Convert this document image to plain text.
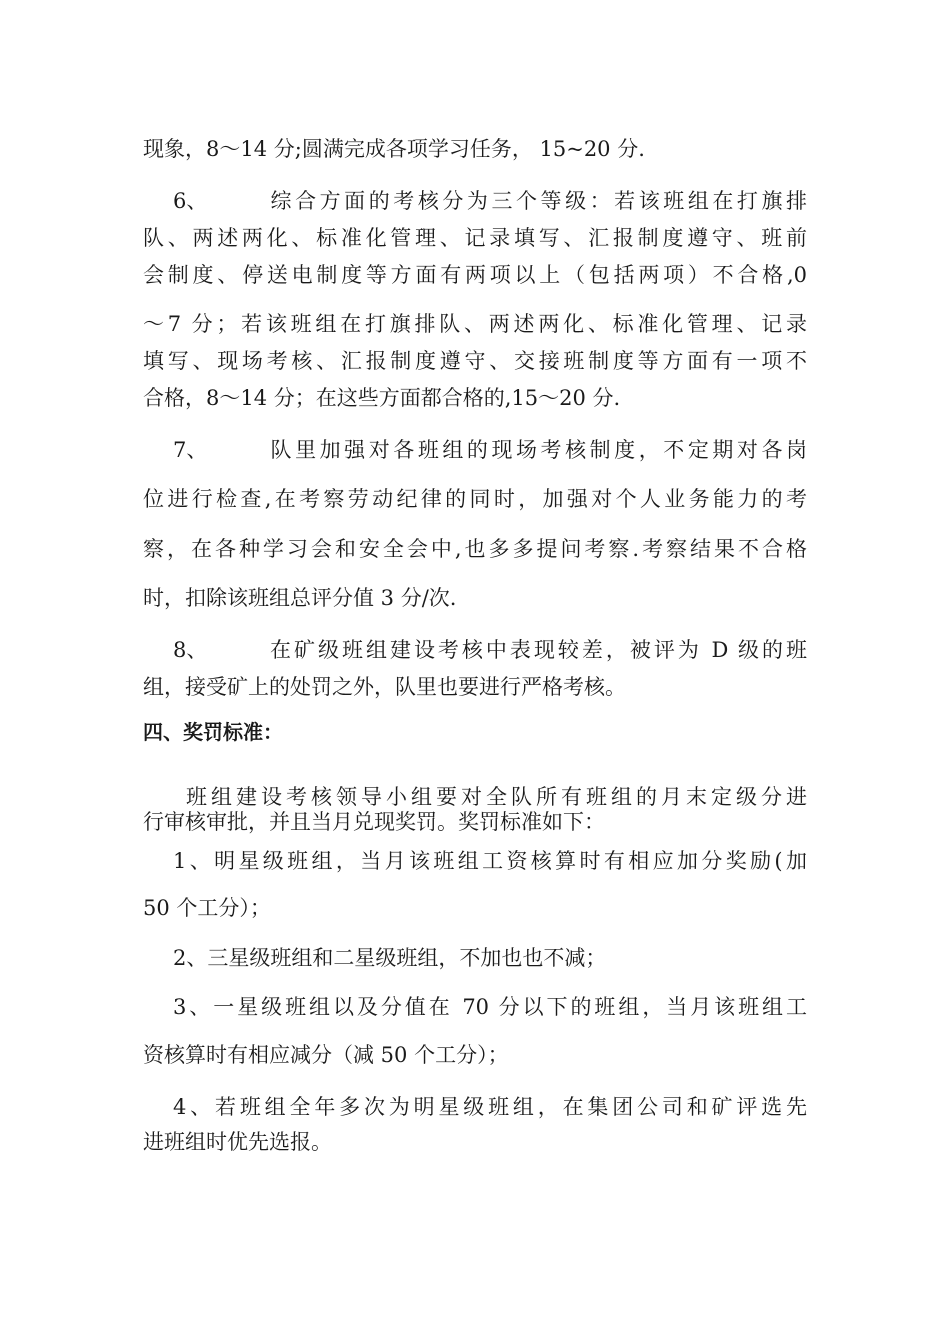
现象，8～14 分;圆满完成各项学习任务， 15~20 分.
6、	综合方面的考核分为三个等级：若该班组在打旗排
队、两述两化、标准化管理、记录填写、汇报制度遵守、班前
会制度、停送电制度等方面有两项以上（包括两项）不合格,0
～7 分；若该班组在打旗排队、两述两化、标准化管理、记录
填写、现场考核、汇报制度遵守、交接班制度等方面有一项不
合格，8～14 分；在这些方面都合格的,15～20 分.
7、	队里加强对各班组的现场考核制度，不定期对各岗
位进行检查,在考察劳动纪律的同时，加强对个人业务能力的考
察，在各种学习会和安全会中,也多多提问考察.考察结果不合格
时，扣除该班组总评分值 3 分/次.
8、	在矿级班组建设考核中表现较差，被评为 D 级的班
组，接受矿上的处罚之外，队里也要进行严格考核。
四、奖罚标准：
班组建设考核领导小组要对全队所有班组的月末定级分进
行审核审批，并且当月兑现奖罚。奖罚标准如下：
1、明星级班组，当月该班组工资核算时有相应加分奖励(加
50 个工分）；
2、三星级班组和二星级班组，不加也也不减；
3、一星级班组以及分值在 70 分以下的班组，当月该班组工
资核算时有相应减分（减 50 个工分）；
4、若班组全年多次为明星级班组，在集团公司和矿评选先
进班组时优先选报。
